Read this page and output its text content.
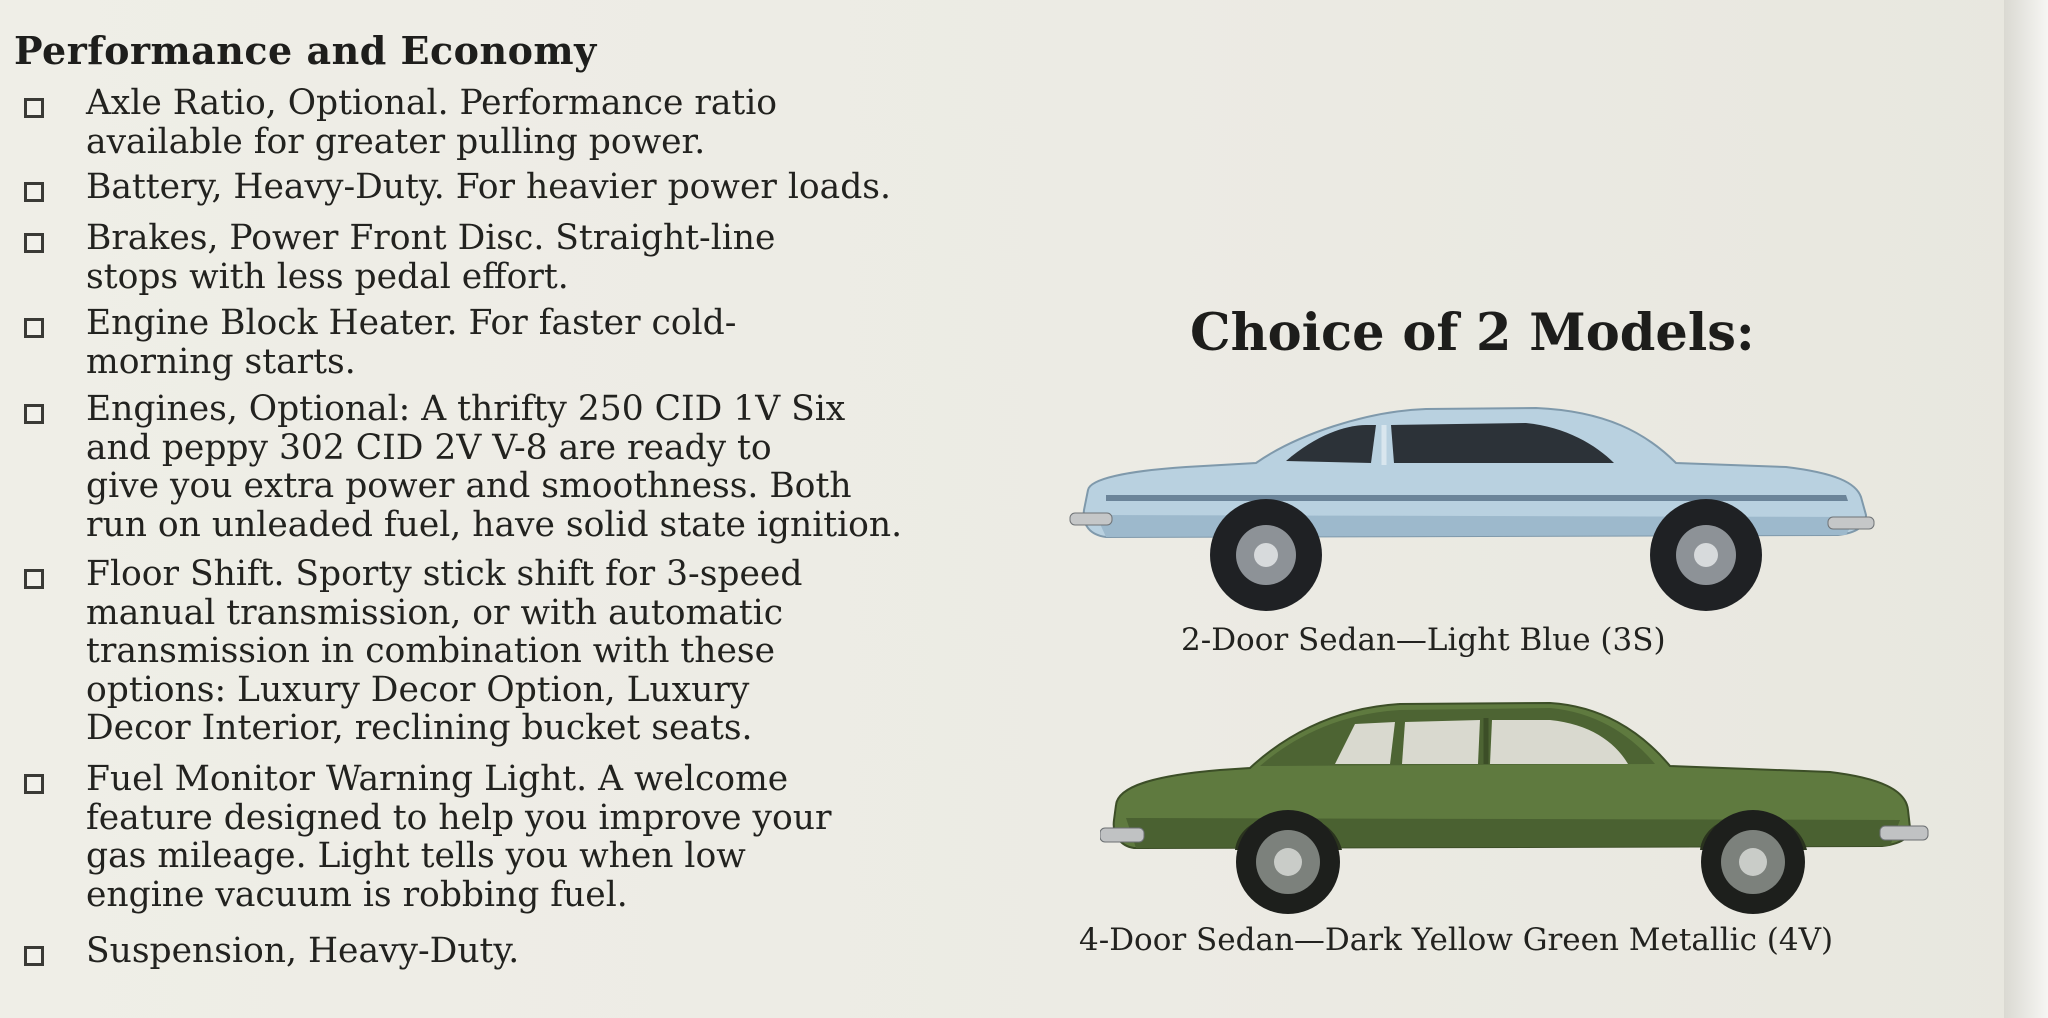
Performance and Economy
Axle Ratio, Optional. Performance ratio
available for greater pulling power.
Battery, Heavy-Duty. For heavier power loads.
Brakes, Power Front Disc. Straight-line
stops with less pedal effort.
Engine Block Heater. For faster cold-
morning starts.
Engines, Optional: A thrifty 250 CID 1V Six
and peppy 302 CID 2V V-8 are ready to
give you extra power and smoothness. Both
run on unleaded fuel, have solid state ignition.
Floor Shift. Sporty stick shift for 3-speed
manual transmission, or with automatic
transmission in combination with these
options: Luxury Decor Option, Luxury
Decor Interior, reclining bucket seats.
Fuel Monitor Warning Light. A welcome
feature designed to help you improve your
gas mileage. Light tells you when low
engine vacuum is robbing fuel.
Suspension, Heavy-Duty.
Choice of 2 Models:
2-Door Sedan—Light Blue (3S)
4-Door Sedan—Dark Yellow Green Metallic (4V)
